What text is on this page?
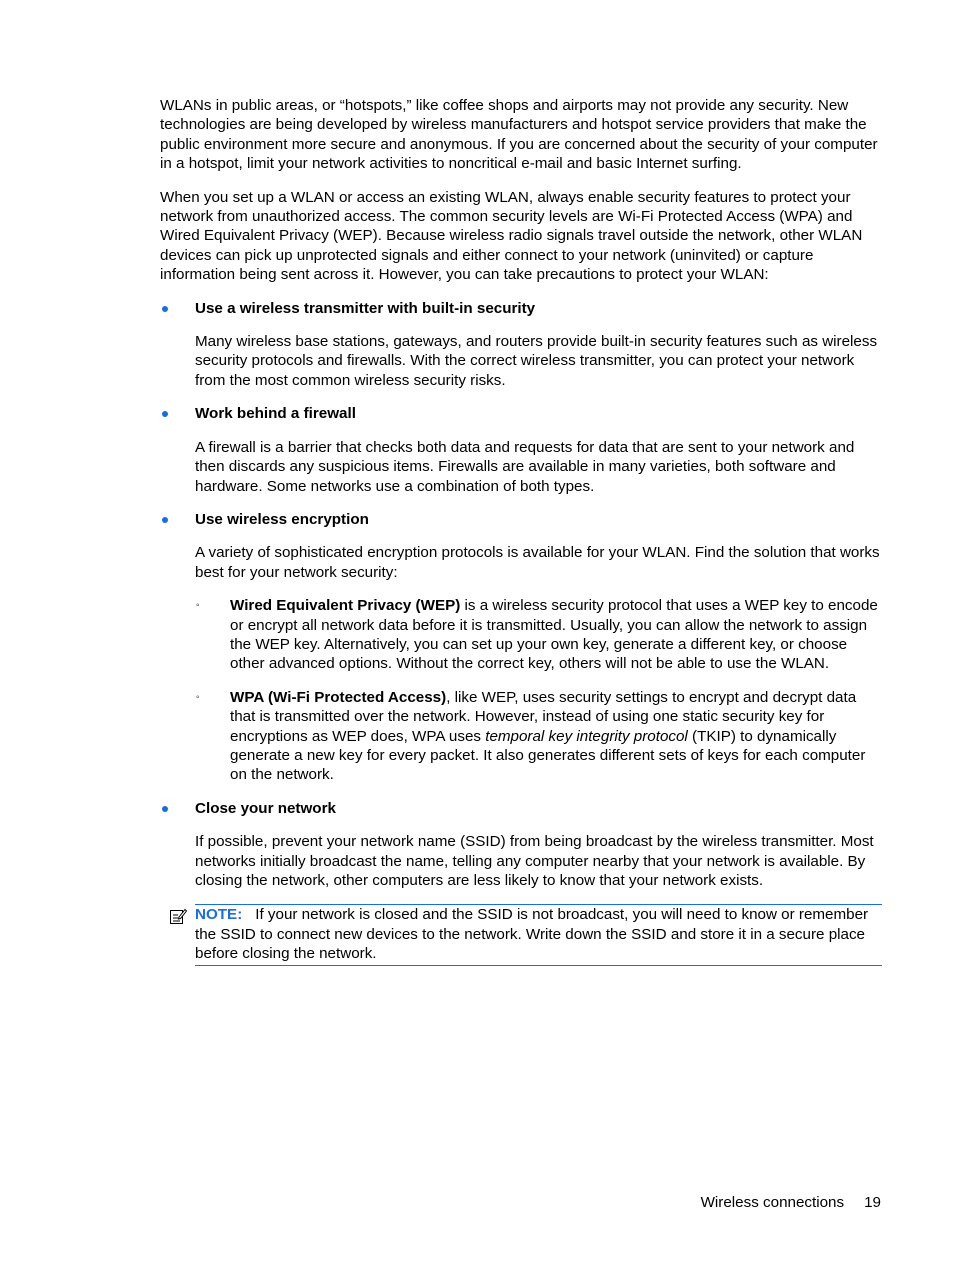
WLANs in public areas, or “hotspots,” like coffee shops and airports may not provide any security. New technologies are being developed by wireless manufacturers and hotspot service providers that make the public environment more secure and anonymous. If you are concerned about the security of your computer in a hotspot, limit your network activities to noncritical e-mail and basic Internet surfing.

When you set up a WLAN or access an existing WLAN, always enable security features to protect your network from unauthorized access. The common security levels are Wi-Fi Protected Access (WPA) and Wired Equivalent Privacy (WEP). Because wireless radio signals travel outside the network, other WLAN devices can pick up unprotected signals and either connect to your network (uninvited) or capture information being sent across it. However, you can take precautions to protect your WLAN:

Use a wireless transmitter with built-in security

Many wireless base stations, gateways, and routers provide built-in security features such as wireless security protocols and firewalls. With the correct wireless transmitter, you can protect your network from the most common wireless security risks.

Work behind a firewall

A firewall is a barrier that checks both data and requests for data that are sent to your network and then discards any suspicious items. Firewalls are available in many varieties, both software and hardware. Some networks use a combination of both types.

Use wireless encryption

A variety of sophisticated encryption protocols is available for your WLAN. Find the solution that works best for your network security:

◦ Wired Equivalent Privacy (WEP) is a wireless security protocol that uses a WEP key to encode or encrypt all network data before it is transmitted. Usually, you can allow the network to assign the WEP key. Alternatively, you can set up your own key, generate a different key, or choose other advanced options. Without the correct key, others will not be able to use the WLAN.

◦ WPA (Wi-Fi Protected Access), like WEP, uses security settings to encrypt and decrypt data that is transmitted over the network. However, instead of using one static security key for encryptions as WEP does, WPA uses temporal key integrity protocol (TKIP) to dynamically generate a new key for every packet. It also generates different sets of keys for each computer on the network.

Close your network

If possible, prevent your network name (SSID) from being broadcast by the wireless transmitter. Most networks initially broadcast the name, telling any computer nearby that your network is available. By closing the network, other computers are less likely to know that your network exists.

NOTE: If your network is closed and the SSID is not broadcast, you will need to know or remember the SSID to connect new devices to the network. Write down the SSID and store it in a secure place before closing the network.

Wireless connections 19
